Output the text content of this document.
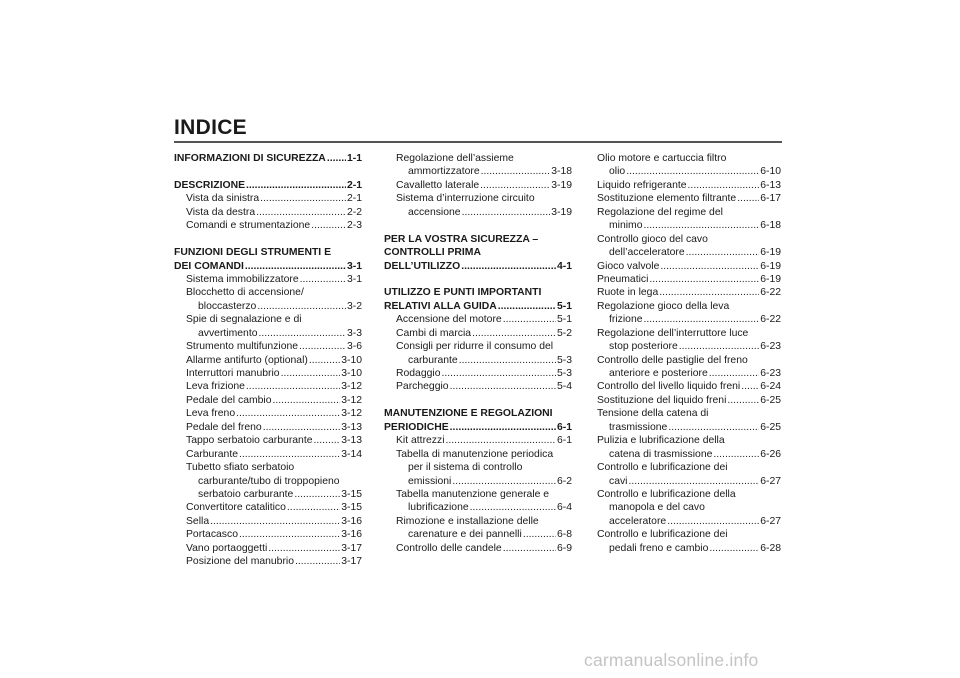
INDICE
INFORMAZIONI DI SICUREZZA ..... 1-1
DESCRIZIONE .....	2-1
Vista da sinistra .....	2-1
Vista da destra .....	2-2
Comandi e strumentazione .....	2-3
FUNZIONI DEGLI STRUMENTI E
DEI COMANDI .....	3-1
Sistema immobilizzatore .....	3-1
Blocchetto di accensione/
bloccasterzo .....	3-2
Spie di segnalazione e di
avvertimento .....	3-3
Strumento multifunzione .....	3-6
Allarme antifurto (optional) .....	3-10
Interruttori manubrio .....	3-10
Leva frizione .....	3-12
Pedale del cambio .....	3-12
Leva freno .....	3-12
Pedale del freno .....	3-13
Tappo serbatoio carburante .....	3-13
Carburante .....	3-14
Tubetto sfiato serbatoio
carburante/tubo di troppopieno
serbatoio carburante .....	3-15
Convertitore catalitico .....	3-15
Sella .....	3-16
Portacasco .....	3-16
Vano portaoggetti .....	3-17
Posizione del manubrio .....	3-17
Regolazione dell’assieme
ammortizzatore .....	3-18
Cavalletto laterale .....	3-19
Sistema d’interruzione circuito
accensione .....	3-19
PER LA VOSTRA SICUREZZA –
CONTROLLI PRIMA
DELL’UTILIZZO .....	4-1
UTILIZZO E PUNTI IMPORTANTI
RELATIVI ALLA GUIDA .....	5-1
Accensione del motore .....	5-1
Cambi di marcia .....	5-2
Consigli per ridurre il consumo del
carburante .....	5-3
Rodaggio .....	5-3
Parcheggio .....	5-4
MANUTENZIONE E REGOLAZIONI
PERIODICHE .....	6-1
Kit attrezzi .....	6-1
Tabella di manutenzione periodica
per il sistema di controllo
emissioni .....	6-2
Tabella manutenzione generale e
lubrificazione .....	6-4
Rimozione e installazione delle
carenature e dei pannelli .....	6-8
Controllo delle candele .....	6-9
Olio motore e cartuccia filtro
olio .....	6-10
Liquido refrigerante .....	6-13
Sostituzione elemento filtrante ..... 6-17
Regolazione del regime del
minimo .....	6-18
Controllo gioco del cavo
dell’acceleratore .....	6-19
Gioco valvole .....	6-19
Pneumatici .....	6-19
Ruote in lega .....	6-22
Regolazione gioco della leva
frizione .....	6-22
Regolazione dell’interruttore luce
stop posteriore .....	6-23
Controllo delle pastiglie del freno
anteriore e posteriore .....	6-23
Controllo del livello liquido freni ..... 6-24
Sostituzione del liquido freni .....	6-25
Tensione della catena di
trasmissione .....	6-25
Pulizia e lubrificazione della
catena di trasmissione .....	6-26
Controllo e lubrificazione dei
cavi .....	6-27
Controllo e lubrificazione della
manopola e del cavo
acceleratore .....	6-27
Controllo e lubrificazione dei
pedali freno e cambio .....	6-28
carmanualsonline.info
